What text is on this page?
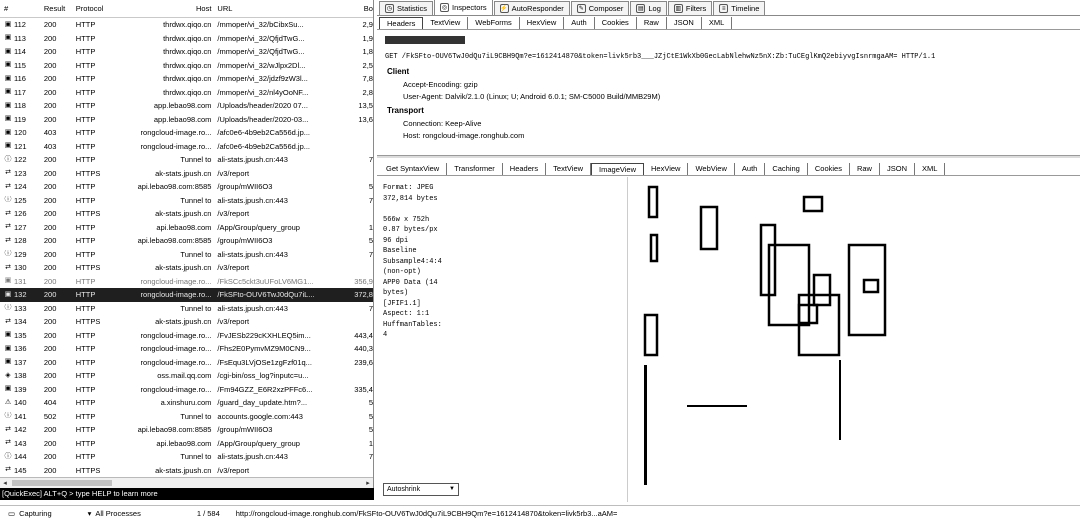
#	Result	Protocol	Host URL	Bo
▣ 112 200	HTTP	thrdwx.qiqo.cn /mmoper/vi_32/bCibxSu...	2,9
▣ 113 200	HTTP	thrdwx.qiqo.cn /mmoper/vi_32/QfjdTwG...	1,9
▣ 114 200	HTTP	thrdwx.qiqo.cn /mmoper/vi_32/QfjdTwG...	1,8
▣ 115 200	HTTP	thrdwx.qiqo.cn /mmoper/vi_32/wJlpx2Dl...	2,5
▣ 116 200	HTTP	thrdwx.qiqo.cn /mmoper/vi_32/jdzf9zW3l...	7,8
▣ 117 200	HTTP	thrdwx.qiqo.cn /mmoper/vi_32/nl4yOoNF...	2,8
▣ 118 200	HTTP	app.lebao98.com /Uploads/header/2020 07...	13,5
▣ 119 200	HTTP	app.lebao98.com /Uploads/header/2020-03...	13,6
▣ 120 403	HTTP	rongcloud-image.ro... /afc0e6-4b9eb2Ca556d.jp...
▣ 121 403	HTTP	rongcloud-image.ro... /afc0e6-4b9eb2Ca556d.jp...
ⓘ 122 200	HTTP	Tunnel to ali-stats.jpush.cn:443	7
⇄ 123 200	HTTPS	ak-stats.jpush.cn /v3/report
⇄ 124 200	HTTP	api.lebao98.com:8585 /group/mWII6O3	5
ⓘ 125 200	HTTP	Tunnel to ali-stats.jpush.cn:443	7
⇄ 126 200	HTTPS	ak-stats.jpush.cn /v3/report
⇄ 127 200	HTTP	api.lebao98.com /App/Group/query_group	1
⇄ 128 200	HTTP	api.lebao98.com:8585 /group/mWII6O3	5
ⓘ 129 200	HTTP	Tunnel to ali-stats.jpush.cn:443	7
⇄ 130 200	HTTPS	ak-stats.jpush.cn /v3/report
▣ 131 200	HTTP	rongcloud-image.ro... /FkSCc5ckt3uUFoLV6MG1...	356,9
▣ 132 200	HTTP	rongcloud-image.ro... /FkSFto-OUV6TwJ0dQu7iL...	372,8
ⓘ 133 200	HTTP	Tunnel to ali-stats.jpush.cn:443	7
⇄ 134 200	HTTPS	ak-stats.jpush.cn /v3/report
▣ 135 200	HTTP	rongcloud-image.ro... /FvJESb229cKXHLEQ5im...	443,4
▣ 136 200	HTTP	rongcloud-image.ro... /Fhs2E0PymvMZ9M0CN9...	440,3
▣ 137 200	HTTP	rongcloud-image.ro... /FsEqu3LVjOSe1zgFzf01q...	239,6
◈ 138 200	HTTP	oss.mail.qq.com /cgi-bin/oss_log?inputc=u...
▣ 139 200	HTTP	rongcloud-image.ro... /Fm94GZZ_E6R2xzPFFc6...	335,4
⚠ 140 404	HTTP	a.xinshuru.com /guard_day_update.htm?...	5
ⓘ 141 502	HTTP	Tunnel to accounts.google.com:443	5
⇄ 142 200	HTTP	api.lebao98.com:8585 /group/mWII6O3	5
⇄ 143 200	HTTP	api.lebao98.com /App/Group/query_group	1
ⓘ 144 200	HTTP	Tunnel to ali-stats.jpush.cn:443	7
⇄ 145 200	HTTPS	ak-stats.jpush.cn /v3/report
◂	▸
[QuickExec] ALT+Q > type HELP to learn more
◷ Statistics	◎ Inspectors ⚡ AutoResponder	✎ Composer ▤ Log ▥ Filters	≡ Timeline
Headers	TextView	WebForms	HexView	Auth	Cookies	Raw	JSON	XML
GET /FkSFto-OUV6TwJ0dQu7iL9CBH9Qm?e=1612414870&token=livk5rb3___JZjCtE1WkXb0GecLabNlehwNz5nX:Zb:TuCEglKmQ2ebiyvgIsnrmgaAM= HTTP/1.1
Client
Accept-Encoding: gzip
User-Agent: Dalvik/2.1.0 (Linux; U; Android 6.0.1; SM-C5000 Build/MMB29M)
Transport
Connection: Keep-Alive
Host: rongcloud-image.ronghub.com
Get SyntaxView	Transformer	Headers	TextView	ImageView	HexView	WebView	Auth	Caching	Cookies	Raw	JSON	XML
Format: JPEG
372,814 bytes

566w x 752h
0.87 bytes/px
96 dpi
Baseline
Subsample4:4:4
(non-opt)
APP0 Data (14
bytes)
[JFIF1.1]
Aspect: 1:1
HuffmanTables:
4
Autoshrink	▼
▭ Capturing	▾ All Processes	1 / 584	http://rongcloud-image.ronghub.com/FkSFto-OUV6TwJ0dQu7iL9CBH9Qm?e=1612414870&token=livk5rb3...aAM=
